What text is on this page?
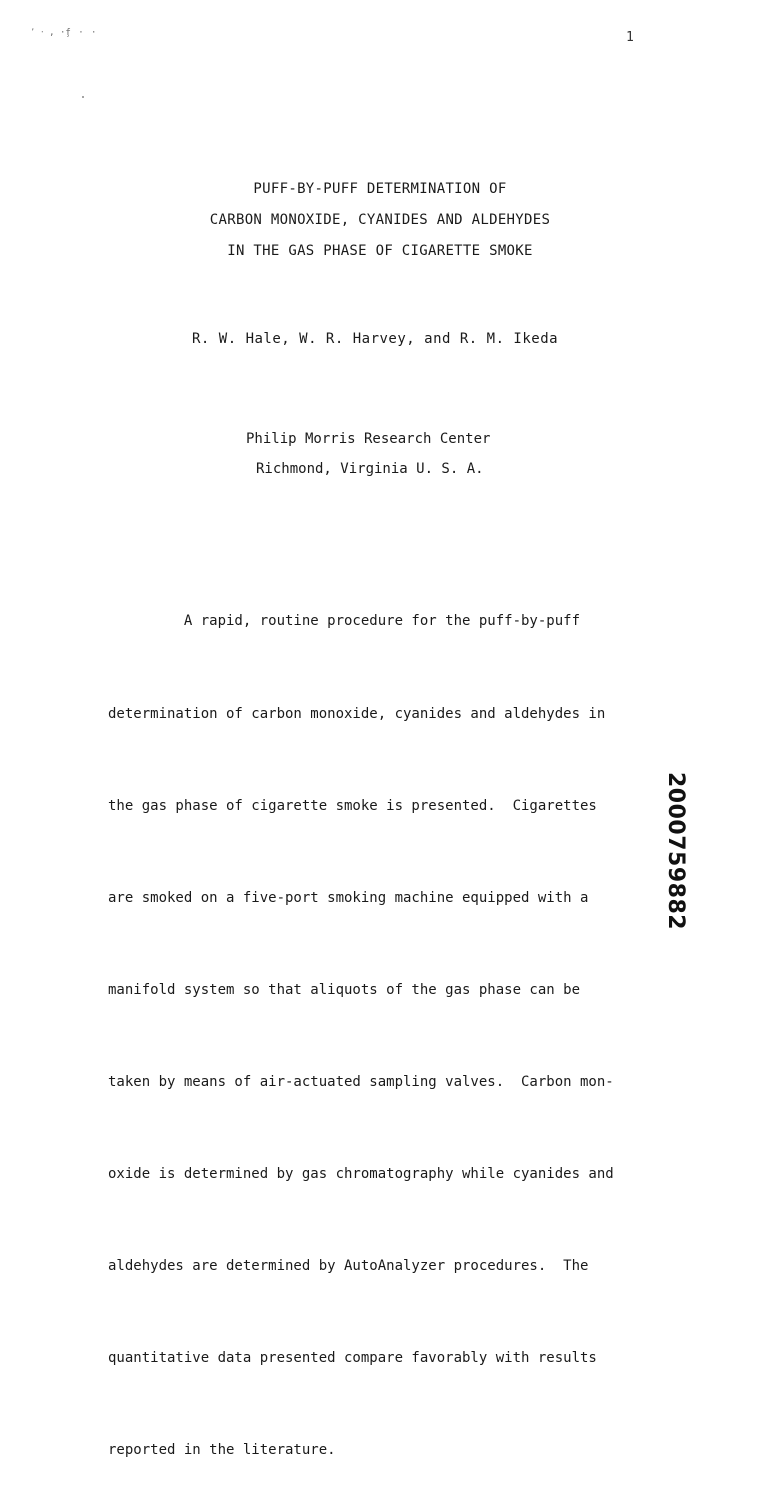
٬ ‧ , ·f̧ · ·	1
PUFF-BY-PUFF DETERMINATION OF
CARBON MONOXIDE, CYANIDES AND ALDEHYDES
IN THE GAS PHASE OF CIGARETTE SMOKE
R. W. Hale, W. R. Harvey, and R. M. Ikeda
Philip Morris Research Center
Richmond, Virginia U. S. A.

A rapid, routine procedure for the puff-by-puff

determination of carbon monoxide, cyanides and aldehydes in

the gas phase of cigarette smoke is presented.  Cigarettes

are smoked on a five-port smoking machine equipped with a

manifold system so that aliquots of the gas phase can be

taken by means of air-actuated sampling valves.  Carbon mon-

oxide is determined by gas chromatography while cyanides and

aldehydes are determined by AutoAnalyzer procedures.  The

quantitative data presented compare favorably with results

reported in the literature.

2000759882
